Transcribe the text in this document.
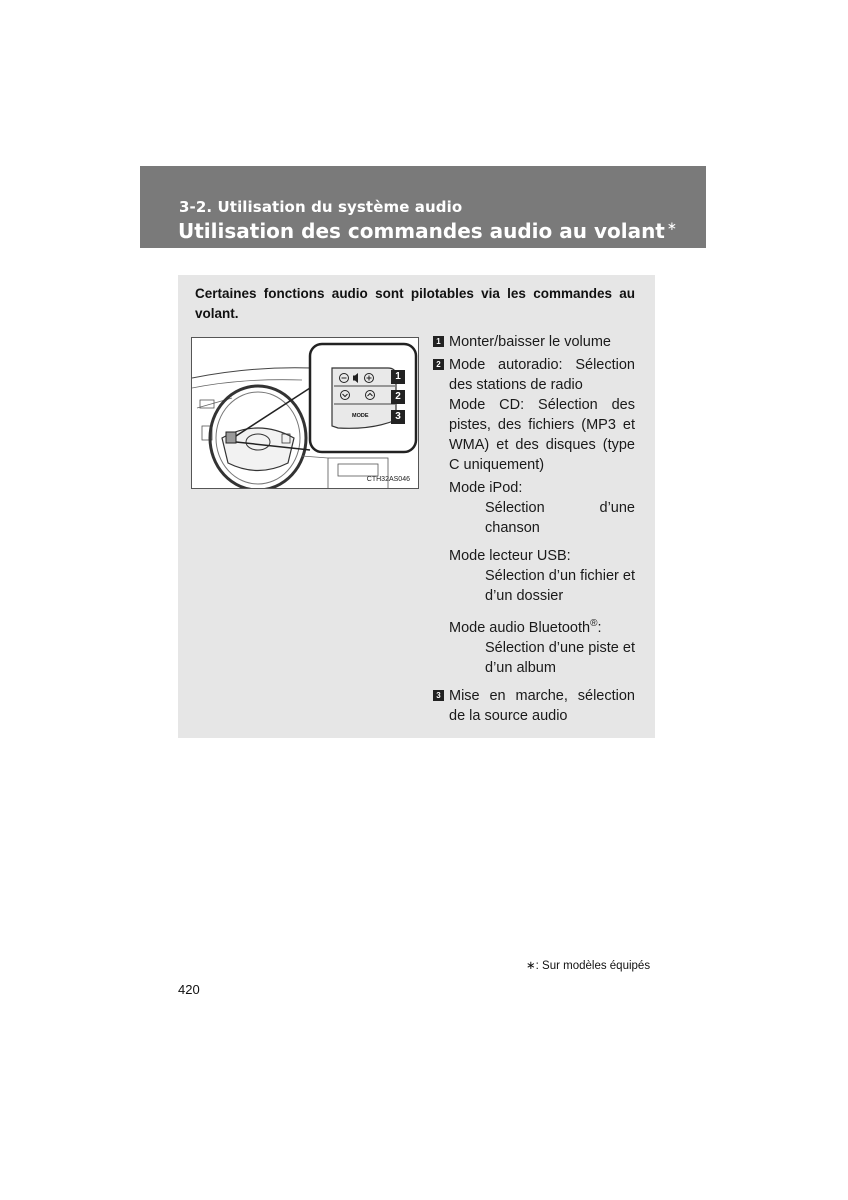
3-2. Utilisation du système audio
Utilisation des commandes audio au volant ∗
Certaines fonctions audio sont pilotables via les commandes au volant.
MODE
1
2
3
CTH32AS046
1 Monter/baisser le volume
2 Mode autoradio: Sélection des stations de radio
Mode CD: Sélection des pistes, des fichiers (MP3 et WMA) et des disques (type C uniquement)
Mode iPod:
Sélection d’une chanson
Mode lecteur USB:
Sélection d’un fichier et d’un dossier
Mode audio Bluetooth®:
Sélection d’une piste et d’un album
3 Mise en marche, sélection de la source audio
∗: Sur modèles équipés
420
